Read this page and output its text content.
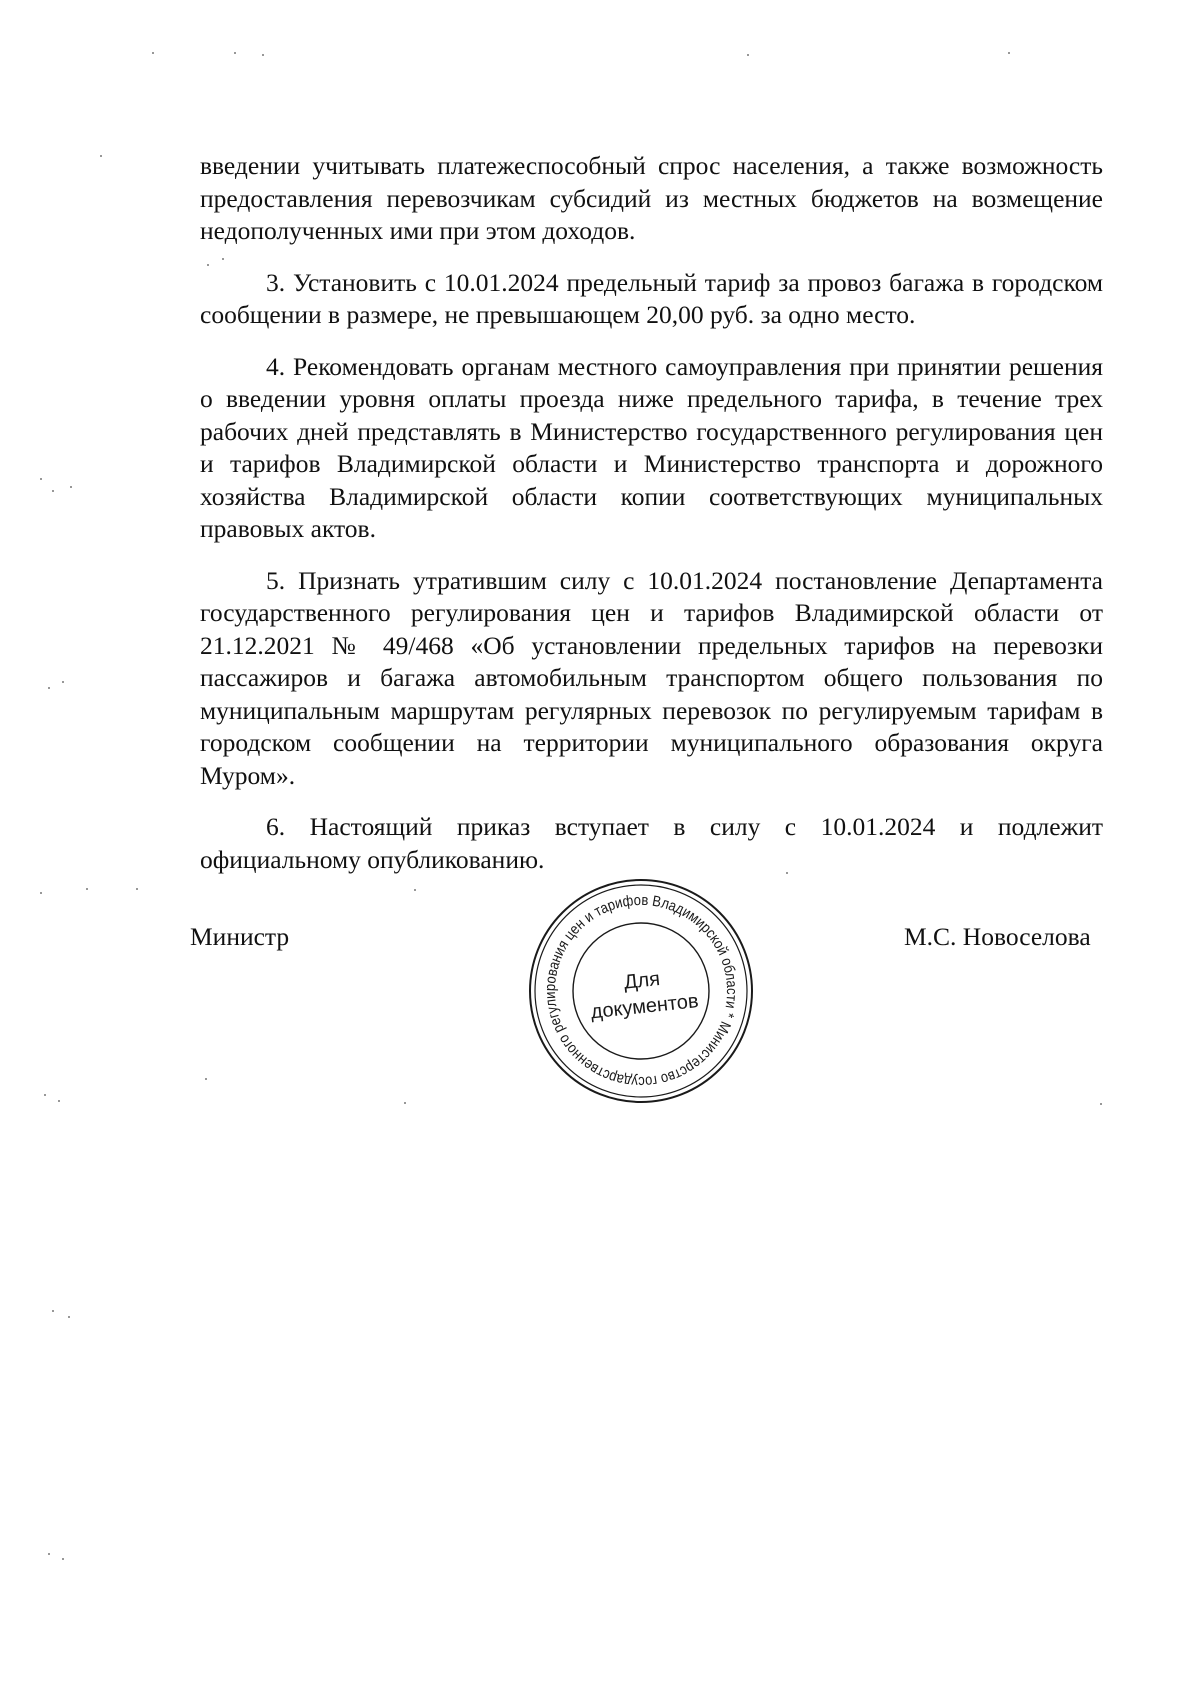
введении учитывать платежеспособный спрос населения, а также возможность предоставления перевозчикам субсидий из местных бюджетов на возмещение недополученных ими при этом доходов.

3. Установить с 10.01.2024 предельный тариф за провоз багажа в городском сообщении в размере, не превышающем 20,00 руб. за одно место.

4. Рекомендовать органам местного самоуправления при принятии решения о введении уровня оплаты проезда ниже предельного тарифа, в течение трех рабочих дней представлять в Министерство государственного регулирования цен и тарифов Владимирской области и Министерство транспорта и дорожного хозяйства Владимирской области копии соответствующих муниципальных правовых актов.

5. Признать утратившим силу с 10.01.2024 постановление Департамента государственного регулирования цен и тарифов Владимирской области от 21.12.2021 № 49/468 «Об установлении предельных тарифов на перевозки пассажиров и багажа автомобильным транспортом общего пользования по муниципальным маршрутам регулярных перевозок по регулируемым тарифам в городском сообщении на территории муниципального образования округа Муром».

6. Настоящий приказ вступает в силу с 10.01.2024 и подлежит официальному опубликованию.

Министр	М.С. Новоселова
Министерство государственного регулирования цен и тарифов Владимирской области *
Для
документов
